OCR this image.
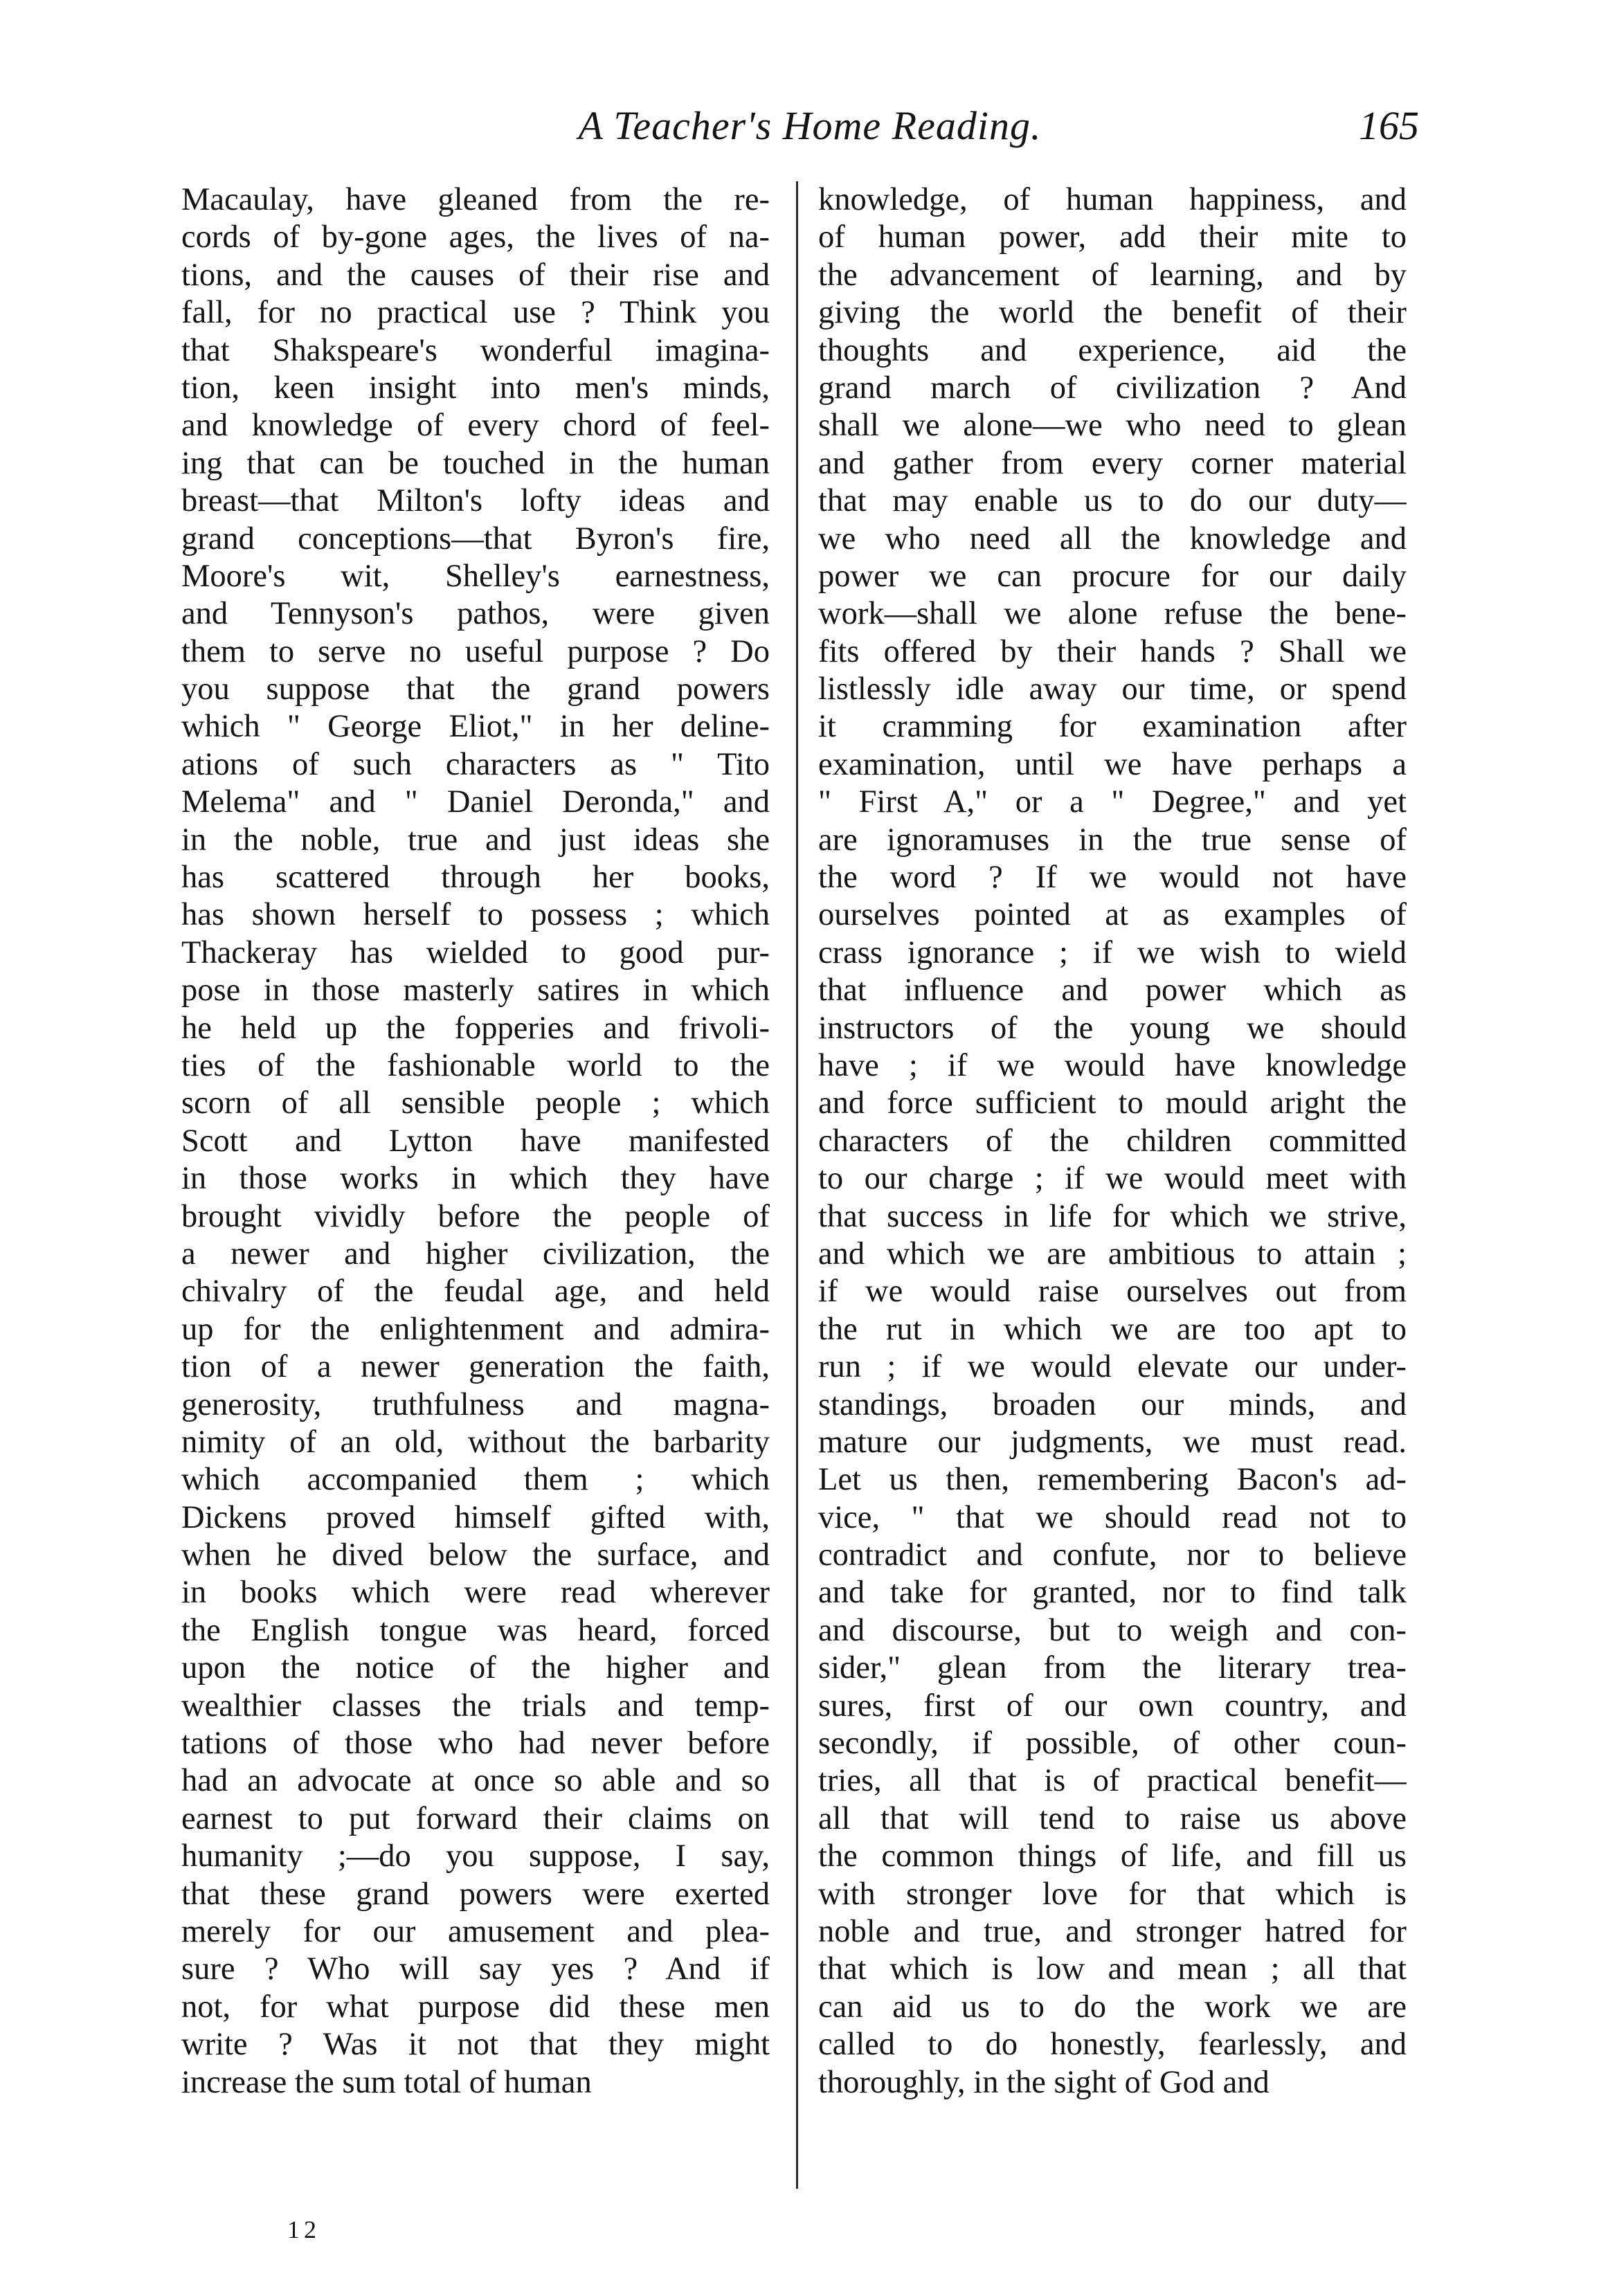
A Teacher's Home Reading.	165
Macaulay, have gleaned from the re-
cords of by-gone ages, the lives of na-
tions, and the causes of their rise and
fall, for no practical use ? Think you
that Shakspeare's wonderful imagina-
tion, keen insight into men's minds,
and knowledge of every chord of feel-
ing that can be touched in the human
breast—that Milton's lofty ideas and
grand conceptions—that Byron's fire,
Moore's wit, Shelley's earnestness,
and Tennyson's pathos, were given
them to serve no useful purpose ? Do
you suppose that the grand powers
which " George Eliot," in her deline-
ations of such characters as " Tito
Melema" and " Daniel Deronda," and
in the noble, true and just ideas she
has scattered through her books,
has shown herself to possess ; which
Thackeray has wielded to good pur-
pose in those masterly satires in which
he held up the fopperies and frivoli-
ties of the fashionable world to the
scorn of all sensible people ; which
Scott and Lytton have manifested
in those works in which they have
brought vividly before the people of
a newer and higher civilization, the
chivalry of the feudal age, and held
up for the enlightenment and admira-
tion of a newer generation the faith,
generosity, truthfulness and magna-
nimity of an old, without the barbarity
which accompanied them ; which
Dickens proved himself gifted with,
when he dived below the surface, and
in books which were read wherever
the English tongue was heard, forced
upon the notice of the higher and
wealthier classes the trials and temp-
tations of those who had never before
had an advocate at once so able and so
earnest to put forward their claims on
humanity ;—do you suppose, I say,
that these grand powers were exerted
merely for our amusement and plea-
sure ? Who will say yes ? And if
not, for what purpose did these men
write ? Was it not that they might
increase the sum total of human
knowledge, of human happiness, and
of human power, add their mite to
the advancement of learning, and by
giving the world the benefit of their
thoughts and experience, aid the
grand march of civilization ? And
shall we alone—we who need to glean
and gather from every corner material
that may enable us to do our duty—
we who need all the knowledge and
power we can procure for our daily
work—shall we alone refuse the bene-
fits offered by their hands ? Shall we
listlessly idle away our time, or spend
it cramming for examination after
examination, until we have perhaps a
" First A," or a " Degree," and yet
are ignoramuses in the true sense of
the word ? If we would not have
ourselves pointed at as examples of
crass ignorance ; if we wish to wield
that influence and power which as
instructors of the young we should
have ; if we would have knowledge
and force sufficient to mould aright the
characters of the children committed
to our charge ; if we would meet with
that success in life for which we strive,
and which we are ambitious to attain ;
if we would raise ourselves out from
the rut in which we are too apt to
run ; if we would elevate our under-
standings, broaden our minds, and
mature our judgments, we must read.
Let us then, remembering Bacon's ad-
vice, " that we should read not to
contradict and confute, nor to believe
and take for granted, nor to find talk
and discourse, but to weigh and con-
sider," glean from the literary trea-
sures, first of our own country, and
secondly, if possible, of other coun-
tries, all that is of practical benefit—
all that will tend to raise us above
the common things of life, and fill us
with stronger love for that which is
noble and true, and stronger hatred for
that which is low and mean ; all that
can aid us to do the work we are
called to do honestly, fearlessly, and
thoroughly, in the sight of God and
12
